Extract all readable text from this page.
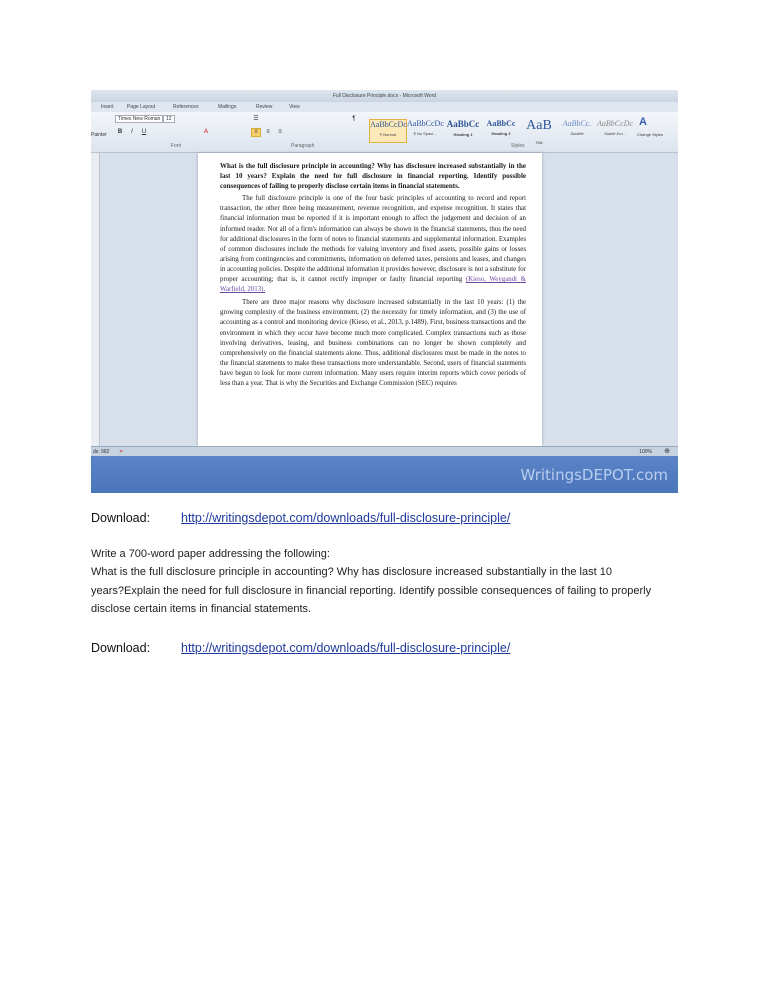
Full Disclosure Principle.docx - Microsoft Word
Insert	Page Layout	References	Mailings	Review	View
Painter
Times New Roman	12
B	I	U	A	≡	≡	≡
☰	¶
Font	Paragraph	Styles
AaBbCcDc
¶ Normal
AaBbCcDc
¶ No Spaci...
AaBbCc
Heading 1
AaBbCc
Heading 2
AaB
Title
AaBbCc.
Subtitle
AaBbCcDc
Subtle Em...
A
Change Styles

What is the full disclosure principle in accounting? Why has disclosure increased substantially in the last 10 years? Explain the need for full disclosure in financial reporting. Identify possible consequences of failing to properly disclose certain items in financial statements.

The full disclosure principle is one of the four basic principles of accounting to record and report transaction, the other three being measurement, revenue recognition, and expense recognition. It states that financial information must be reported if it is important enough to affect the judgement and decision of an informed reader. Not all of a firm's information can always be shown in the financial statements, thus the need for additional disclosures in the form of notes to financial statements and supplemental information. Examples of common disclosures include the methods for valuing inventory and fixed assets, possible gains or losses arising from contingencies and commitments, information on deferred taxes, pensions and leases, and changes in accounting policies. Despite the additional information it provides however, disclosure is not a substitute for proper accounting; that is, it cannot rectify improper or faulty financial reporting (Kieso, Weygandt & Warfield, 2013).

There are three major reasons why disclosure increased substantially in the last 10 years: (1) the growing complexity of the business environment, (2) the necessity for timely information, and (3) the use of accounting as a control and monitoring device (Kieso, et al., 2013, p.1489). First, business transactions and the environment in which they occur have become much more complicated. Complex transactions such as those involving derivatives, leasing, and business combinations can no longer be shown completely and comprehensively on the financial statements alone. Thus, additional disclosures must be made in the notes to the financial statements to make these transactions more understandable. Second, users of financial statements have begun to look for more current information. Many users require interim reports which cover periods of less than a year. That is why the Securities and Exchange Commission (SEC) requires

ds: 982 ✕	100% ⊕
WritingsDEPOT.com
Download: http://writingsdepot.com/downloads/full-disclosure-principle/
Write a 700-word paper addressing the following:
What is the full disclosure principle in accounting? Why has disclosure increased substantially in the last 10
years?Explain the need for full disclosure in financial reporting. Identify possible consequences of failing to properly
disclose certain items in financial statements.
Download: http://writingsdepot.com/downloads/full-disclosure-principle/
